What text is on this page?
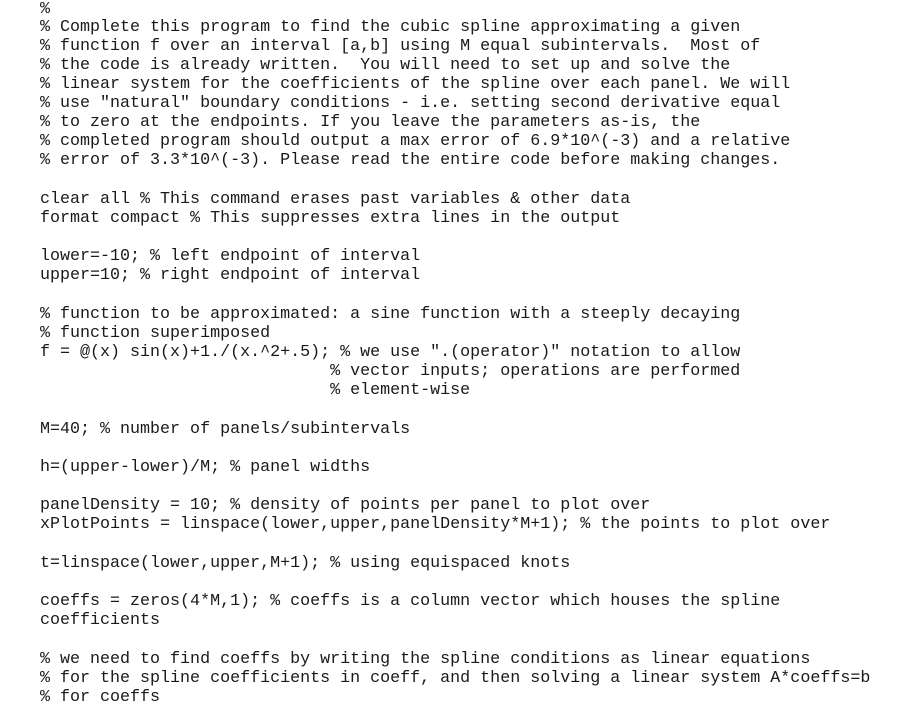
%
% Complete this program to find the cubic spline approximating a given
% function f over an interval [a,b] using M equal subintervals.  Most of
% the code is already written.  You will need to set up and solve the
% linear system for the coefficients of the spline over each panel. We will
% use "natural" boundary conditions - i.e. setting second derivative equal
% to zero at the endpoints. If you leave the parameters as-is, the
% completed program should output a max error of 6.9*10^(-3) and a relative
% error of 3.3*10^(-3). Please read the entire code before making changes.
clear all % This command erases past variables & other data
format compact % This suppresses extra lines in the output
lower=-10; % left endpoint of interval
upper=10; % right endpoint of interval
% function to be approximated: a sine function with a steeply decaying
% function superimposed
f = @(x) sin(x)+1./(x.^2+.5); % we use ".(operator)" notation to allow
% vector inputs; operations are performed
% element-wise
M=40; % number of panels/subintervals
h=(upper-lower)/M; % panel widths
panelDensity = 10; % density of points per panel to plot over
xPlotPoints = linspace(lower,upper,panelDensity*M+1); % the points to plot over
t=linspace(lower,upper,M+1); % using equispaced knots
coeffs = zeros(4*M,1); % coeffs is a column vector which houses the spline
coefficients
% we need to find coeffs by writing the spline conditions as linear equations
% for the spline coefficients in coeff, and then solving a linear system A*coeffs=b
% for coeffs
